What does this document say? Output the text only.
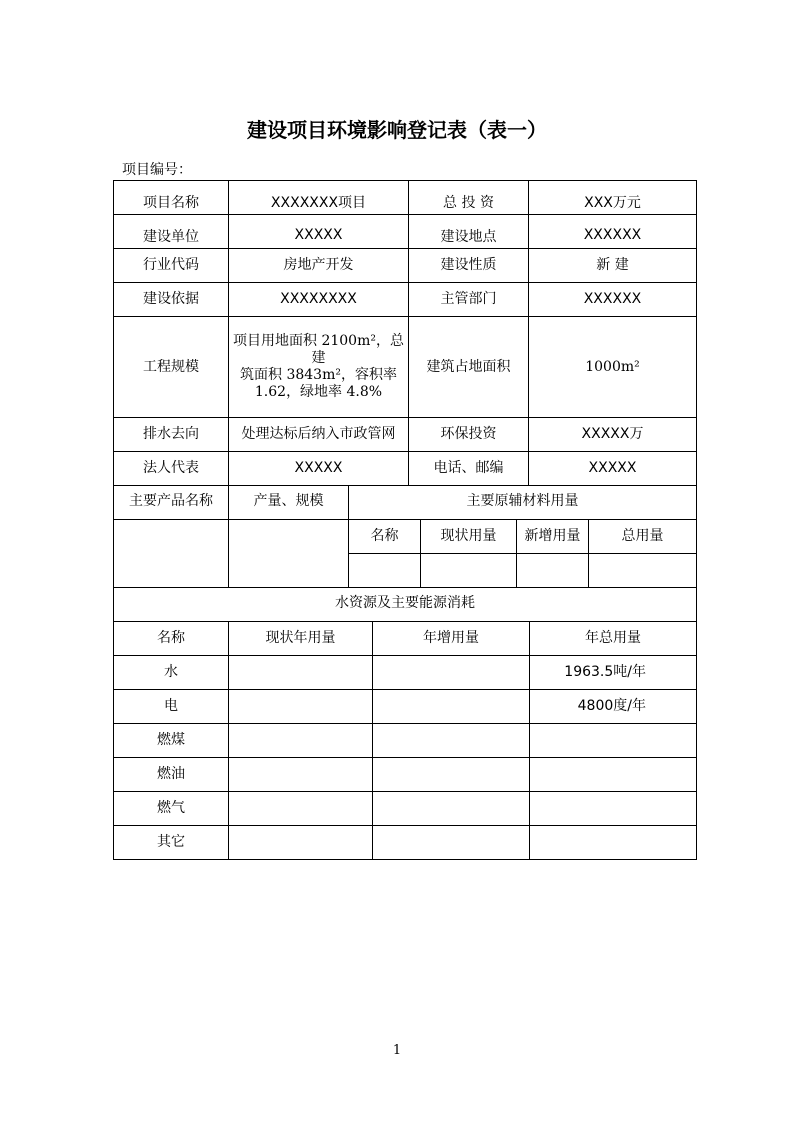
建设项目环境影响登记表（表一）
项目编号：
项目名称	XXXXXXX项目	总 投 资	XXX万元
建设单位	XXXXX	建设地点	XXXXXX
行业代码	房地产开发	建设性质	新 建
建设依据	XXXXXXXX	主管部门	XXXXXX
工程规模	项目用地面积 2100m²，总建
筑面积 3843m²，容积率
1.62，绿地率 4.8%	建筑占地面积	1000m²
排水去向	处理达标后纳入市政管网	环保投资	XXXXX万
法人代表	XXXXX	电话、邮编	XXXXX
主要产品名称	产量、规模	主要原辅材料用量			
		名称	现状用量	新增用量	总用量

水资源及主要能源消耗			
名称	现状年用量	年增用量	年总用量
水			1963.5吨/年
电			4800度/年
燃煤			
燃油			
燃气			
其它			
1
